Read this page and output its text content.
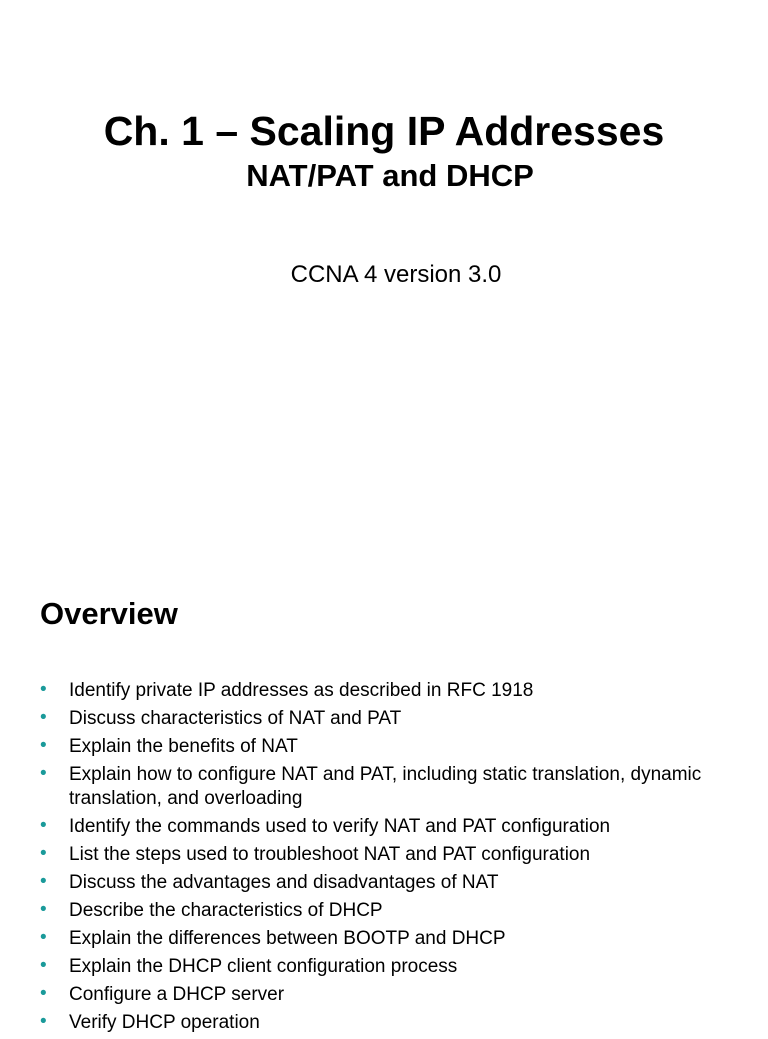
Ch. 1 – Scaling IP Addresses
NAT/PAT and DHCP
CCNA 4 version 3.0
Overview
• Identify private IP addresses as described in RFC 1918
• Discuss characteristics of NAT and PAT
• Explain the benefits of NAT
• Explain how to configure NAT and PAT, including static translation, dynamic translation, and overloading
• Identify the commands used to verify NAT and PAT configuration
• List the steps used to troubleshoot NAT and PAT configuration
• Discuss the advantages and disadvantages of NAT
• Describe the characteristics of DHCP
• Explain the differences between BOOTP and DHCP
• Explain the DHCP client configuration process
• Configure a DHCP server
• Verify DHCP operation
